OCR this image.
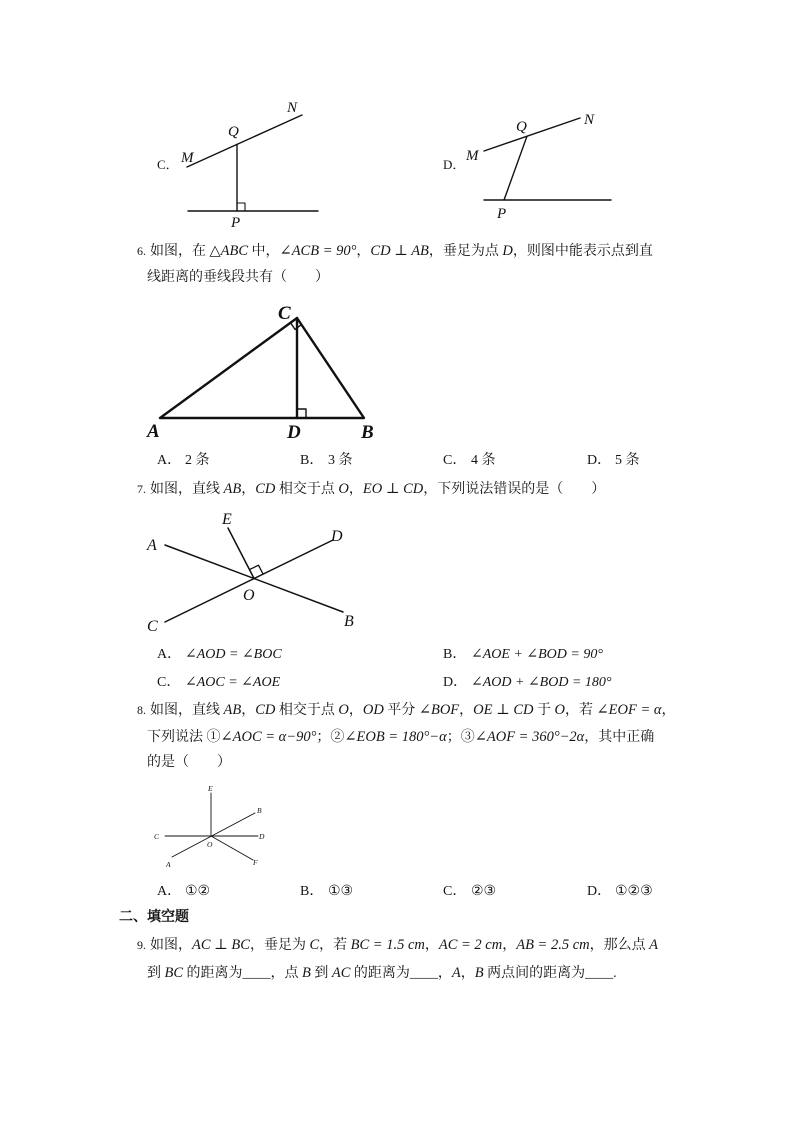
C． M
N
Q
P
D．
M
N
Q
P
6. 如图，在 △ABC 中，∠ACB = 90°，CD ⊥ AB，垂足为点 D，则图中能表示点到直
线距离的垂线段共有（　　）
A	D	B
C
A． 2 条	B． 3 条	C． 4 条	D． 5 条
7. 如图，直线 AB，CD 相交于点 O，EO ⊥ CD，下列说法错误的是（　　）
A
E
D
O
B
C
A． ∠AOD = ∠BOC	B． ∠AOE + ∠BOD = 90°
C． ∠AOC = ∠AOE	D． ∠AOD + ∠BOD = 180°
8. 如图，直线 AB，CD 相交于点 O，OD 平分 ∠BOF，OE ⊥ CD 于 O，若 ∠EOF = α，
下列说法 ①∠AOC = α−90°；②∠EOB = 180°−α；③∠AOF = 360°−2α，其中正确
的是（　　）
E
B
C	D
O
A	F
A． ①②	B． ①③	C． ②③	D． ①②③
二、填空题
9. 如图，AC ⊥ BC，垂足为 C，若 BC = 1.5 cm，AC = 2 cm，AB = 2.5 cm，那么点 A
到 BC 的距离为____，点 B 到 AC 的距离为____，A，B 两点间的距离为____.
